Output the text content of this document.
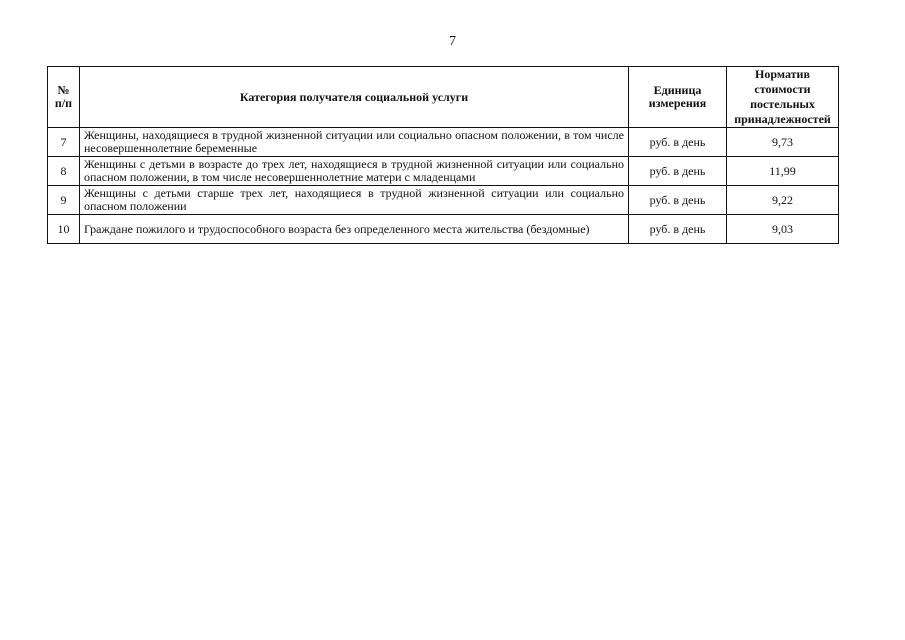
7
№ п/п	Категория получателя социальной услуги	Единица измерения	Норматив стоимости постельных принадлежностей
7	Женщины, находящиеся в трудной жизненной ситуации или социально опасном положении, в том числе несовершеннолетние беременные	руб. в день	9,73
8	Женщины с детьми в возрасте до трех лет, находящиеся в трудной жизненной ситуации или социально опасном положении, в том числе несовершеннолетние матери с младенцами	руб. в день	11,99
9	Женщины с детьми старше трех лет, находящиеся в трудной жизненной ситуации или социально опасном положении	руб. в день	9,22
10	Граждане пожилого и трудоспособного возраста без определенного места жительства (бездомные)	руб. в день	9,03
